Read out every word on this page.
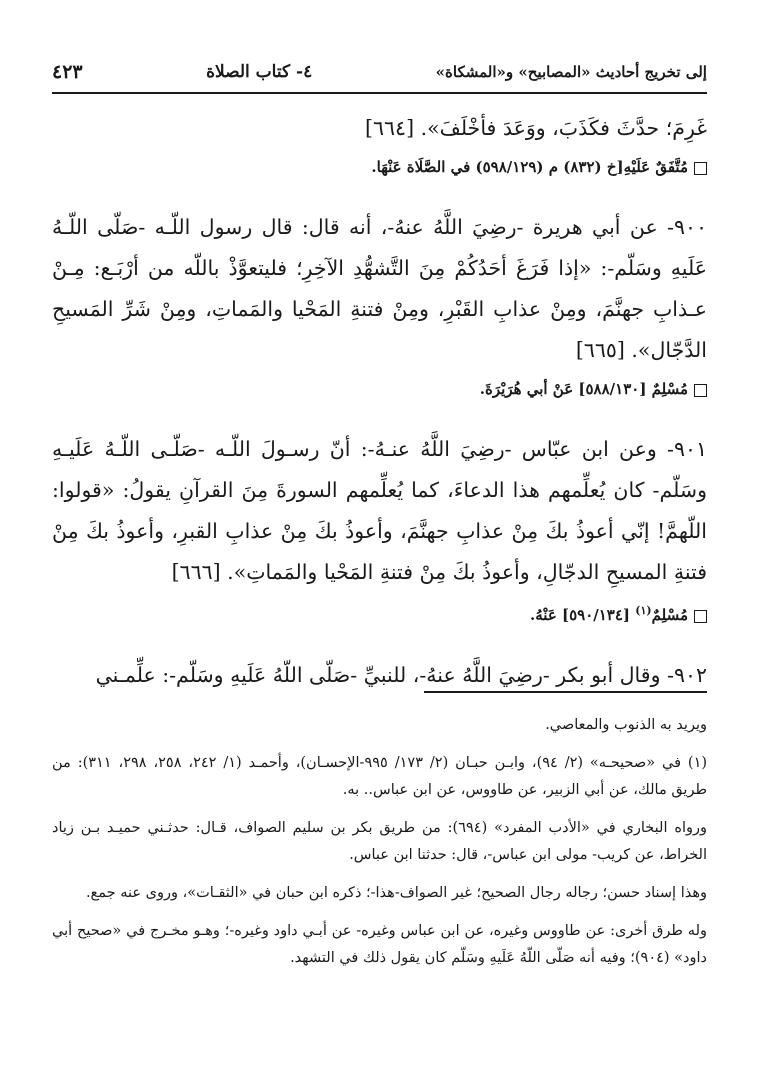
٤٢٣	٤- كتاب الصلاة	إلى تخريج أحاديث «المصابيح» و«المشكاة»

غَرِمَ؛ حدَّثَ فكَذَبَ، ووَعَدَ فأخْلَفَ». [٦٦٤]

مُتَّفَقٌ عَلَيْهِ[خ (٨٣٢) م (٥٩٨/١٢٩) في الصَّلَاة عَنْهَا.

٩٠٠- عن أبي هريرة -رضِيَ اللَّهُ عنهُ-، أنه قال: قال رسول اللّـه -صَلّى اللّـهُ عَلَيهِ وسَلّم-: «إذا فَرَغَ أحَدُكُمْ مِنَ التَّشهُّدِ الآخِرِ؛ فليتعوَّذْ باللّه من أرْبَـع: مِـنْ عـذابِ جهنَّمَ، ومِنْ عذابِ القَبْرِ، ومِنْ فتنةِ المَحْيا والمَماتِ، ومِنْ شَرِّ المَسيحِ الدَّجّال». [٦٦٥]

مُسْلِمٌ [٥٨٨/١٣٠] عَنْ أبي هُرَيْرَةَ.

٩٠١- وعن ابن عبّاس -رضِيَ اللَّهُ عنـهُ-: أنّ رسـولَ اللّـه -صَلّـى اللّـهُ عَلَيـهِ وسَلّم- كان يُعلِّمهم هذا الدعاءَ، كما يُعلِّمهم السورةَ مِنَ القرآنِ يقولُ: «قولوا: اللّهمَّ! إنّي أعوذُ بكَ مِنْ عذابِ جهنَّمَ، وأعوذُ بكَ مِنْ عذابِ القبرِ، وأعوذُ بكَ مِنْ فتنةِ المسيحِ الدجّالِ، وأعوذُ بكَ مِنْ فتنةِ المَحْيا والمَماتِ». [٦٦٦]

مُسْلِمٌ$^{(١)}$ [٥٩٠/١٣٤] عَنْهُ.

٩٠٢- وقال أبو بكر -رضِيَ اللَّهُ عنهُ-، للنبيِّ -صَلّى اللّهُ عَلَيهِ وسَلّم-: علِّمـني

ويريد به الذنوب والمعاصي.

(١) في «صحيحـه» (٢/ ٩٤)، وابـن حبـان (٢/ ١٧٣/ ٩٩٥-الإحسـان)، وأحمـد (١/ ٢٤٢، ٢٥٨، ٢٩٨، ٣١١): من طريق مالك، عن أبي الزبير، عن طاووس، عن ابن عباس.. به.

ورواه البخاري في «الأدب المفرد» (٦٩٤): من طريق بكر بن سليم الصواف، قـال: حدثـني حميـد بـن زياد الخراط، عن كريب- مولى ابن عباس-، قال: حدثنا ابن عباس.

وهذا إسناد حسن؛ رجاله رجال الصحيح؛ غير الصواف-هذا-؛ ذكره ابن حبان في «الثقـات»، وروى عنه جمع.

وله طرق أخرى: عن طاووس وغيره، عن ابن عباس وغيره- عن أبـي داود وغيره-؛ وهـو مخـرج في «صحيح أبي داود» (٩٠٤)؛ وفيه أنه صَلّى اللّهُ عَلَيهِ وسَلّم كان يقول ذلك في التشهد.
